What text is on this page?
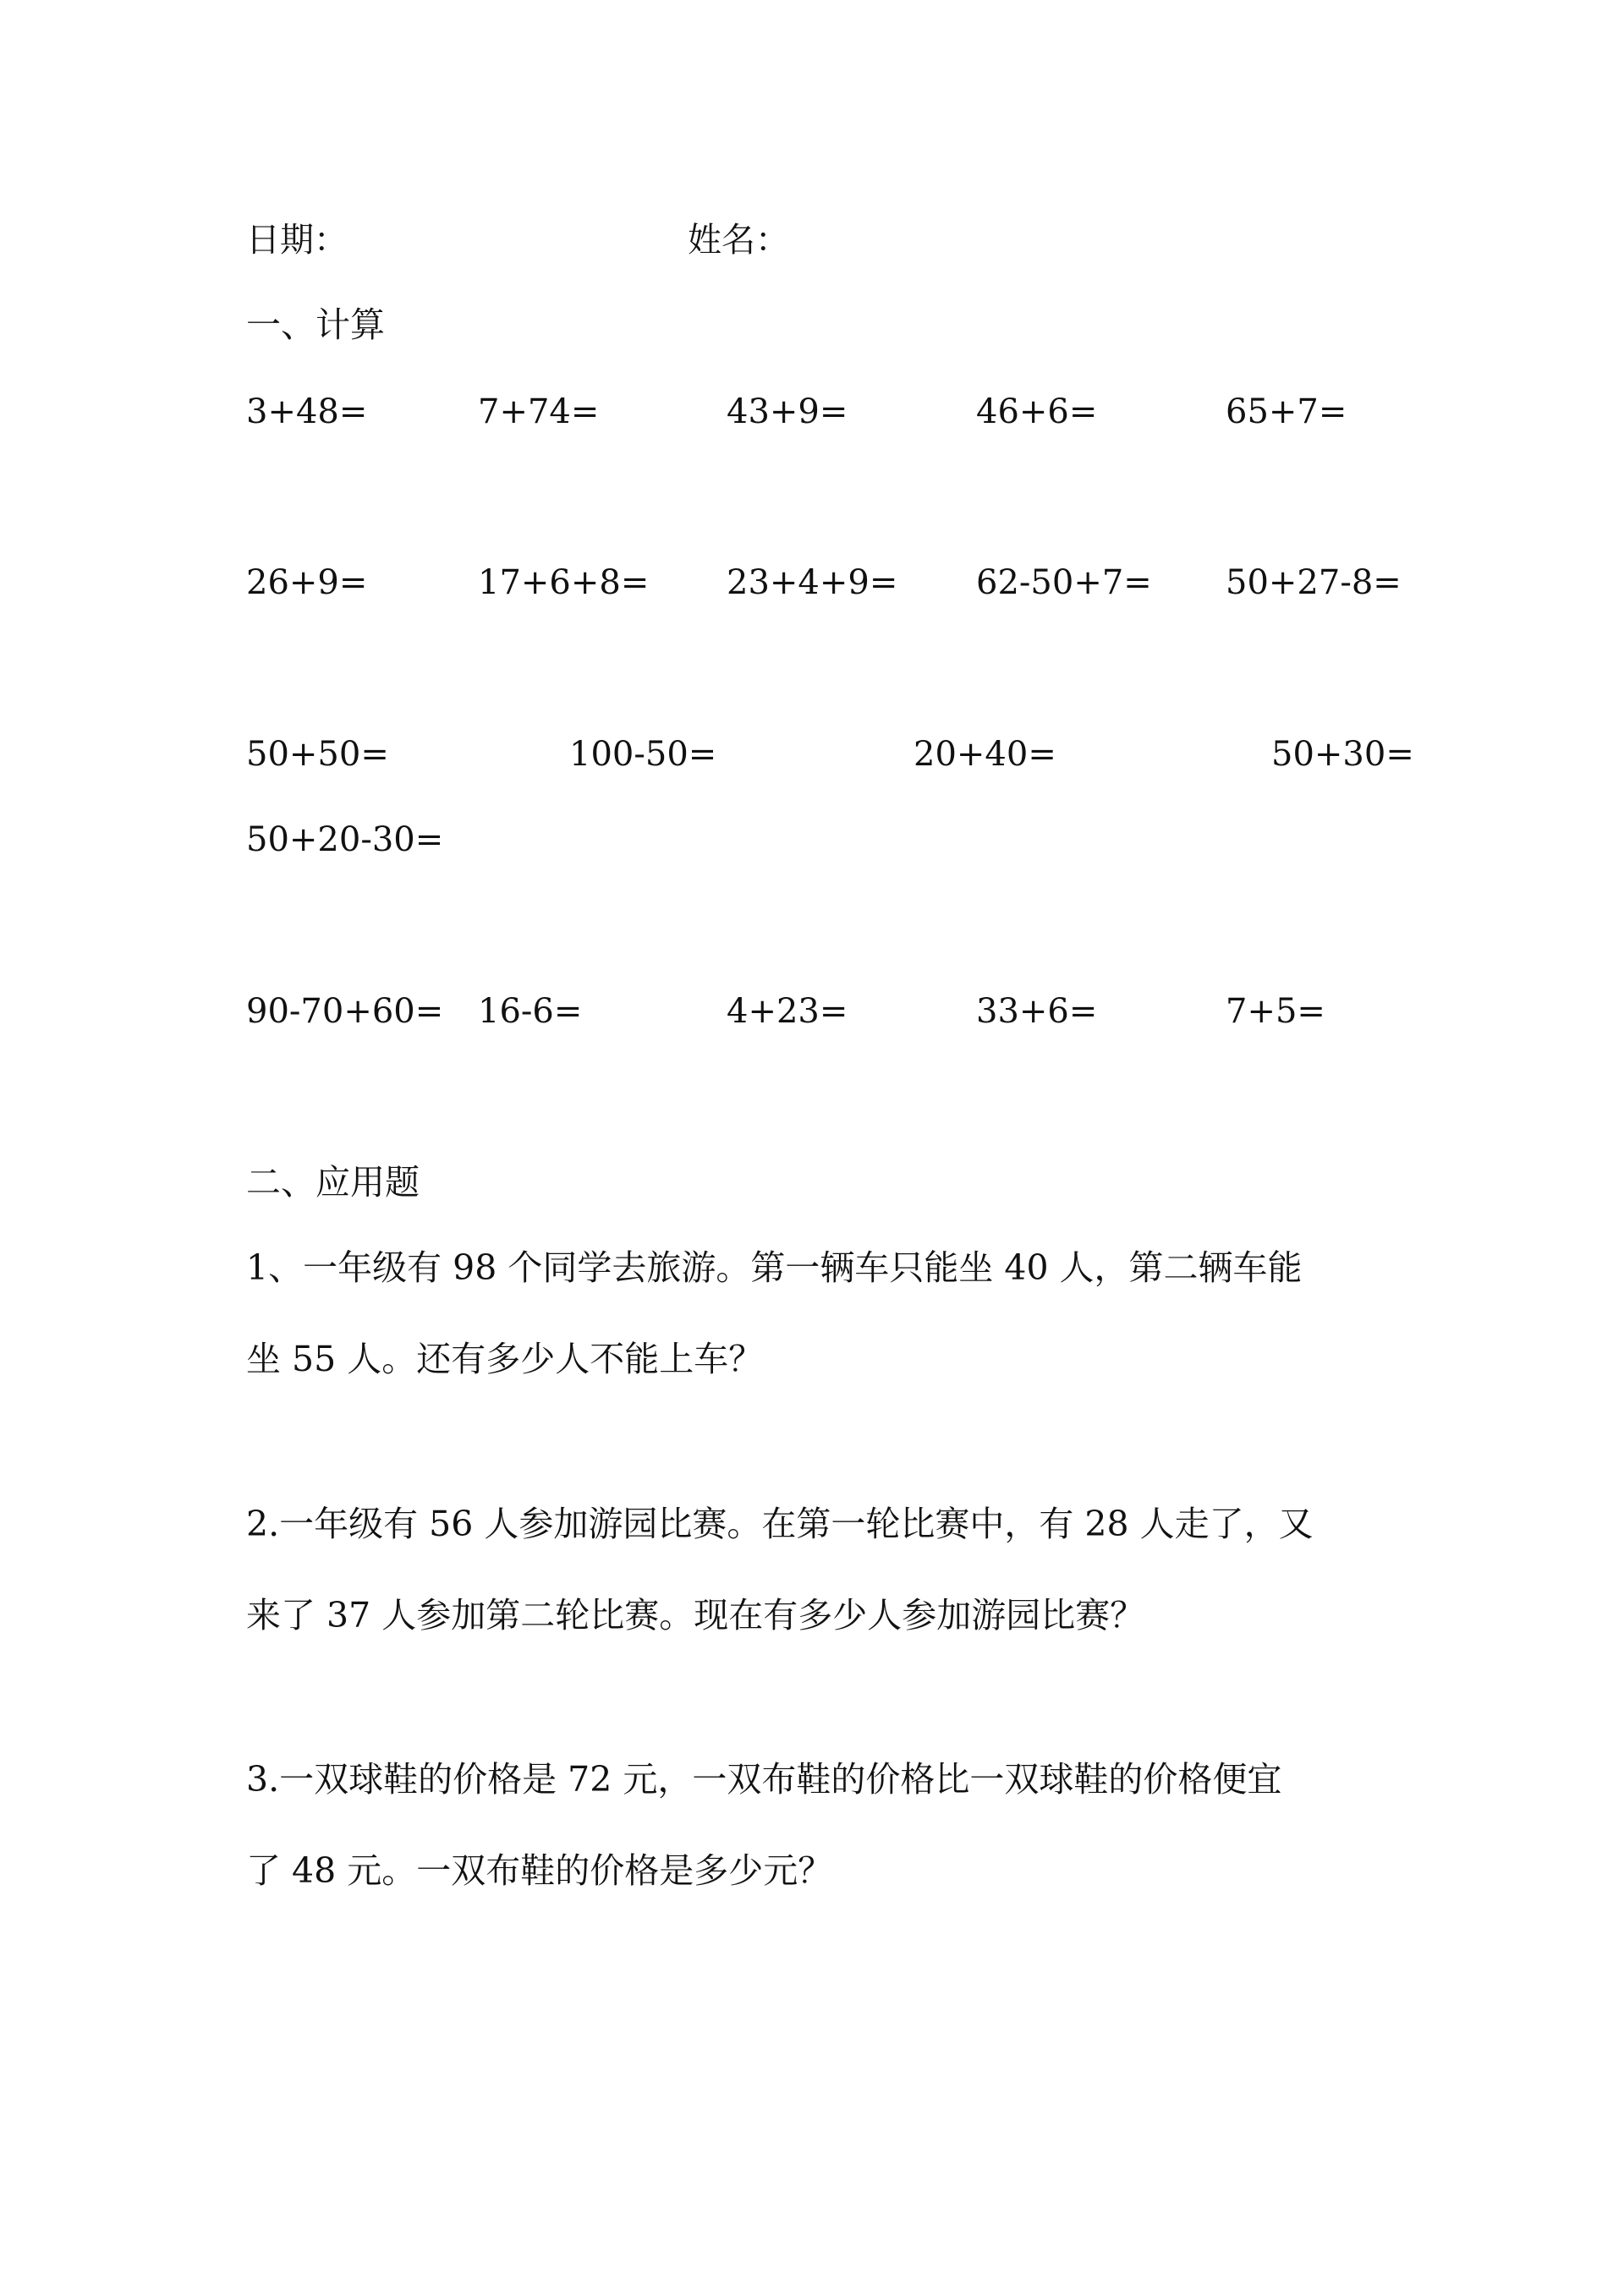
日期：	姓名：
一、计算
3+48=	7+74=	43+9=	46+6=	65+7=
26+9=	17+6+8= 23+4+9= 62-50+7= 50+27-8=
50+50=	100-50=	20+40=	50+30=
50+20-30=
90-70+60= 16-6=	4+23=	33+6=	7+5=
二、应用题
1、一年级有 98 个同学去旅游。第一辆车只能坐 40 人，第二辆车能
坐 55 人。还有多少人不能上车？
2.一年级有 56 人参加游园比赛。在第一轮比赛中，有 28 人走了，又
来了 37 人参加第二轮比赛。现在有多少人参加游园比赛？
3.一双球鞋的价格是 72 元，一双布鞋的价格比一双球鞋的价格便宜
了 48 元。一双布鞋的价格是多少元？
